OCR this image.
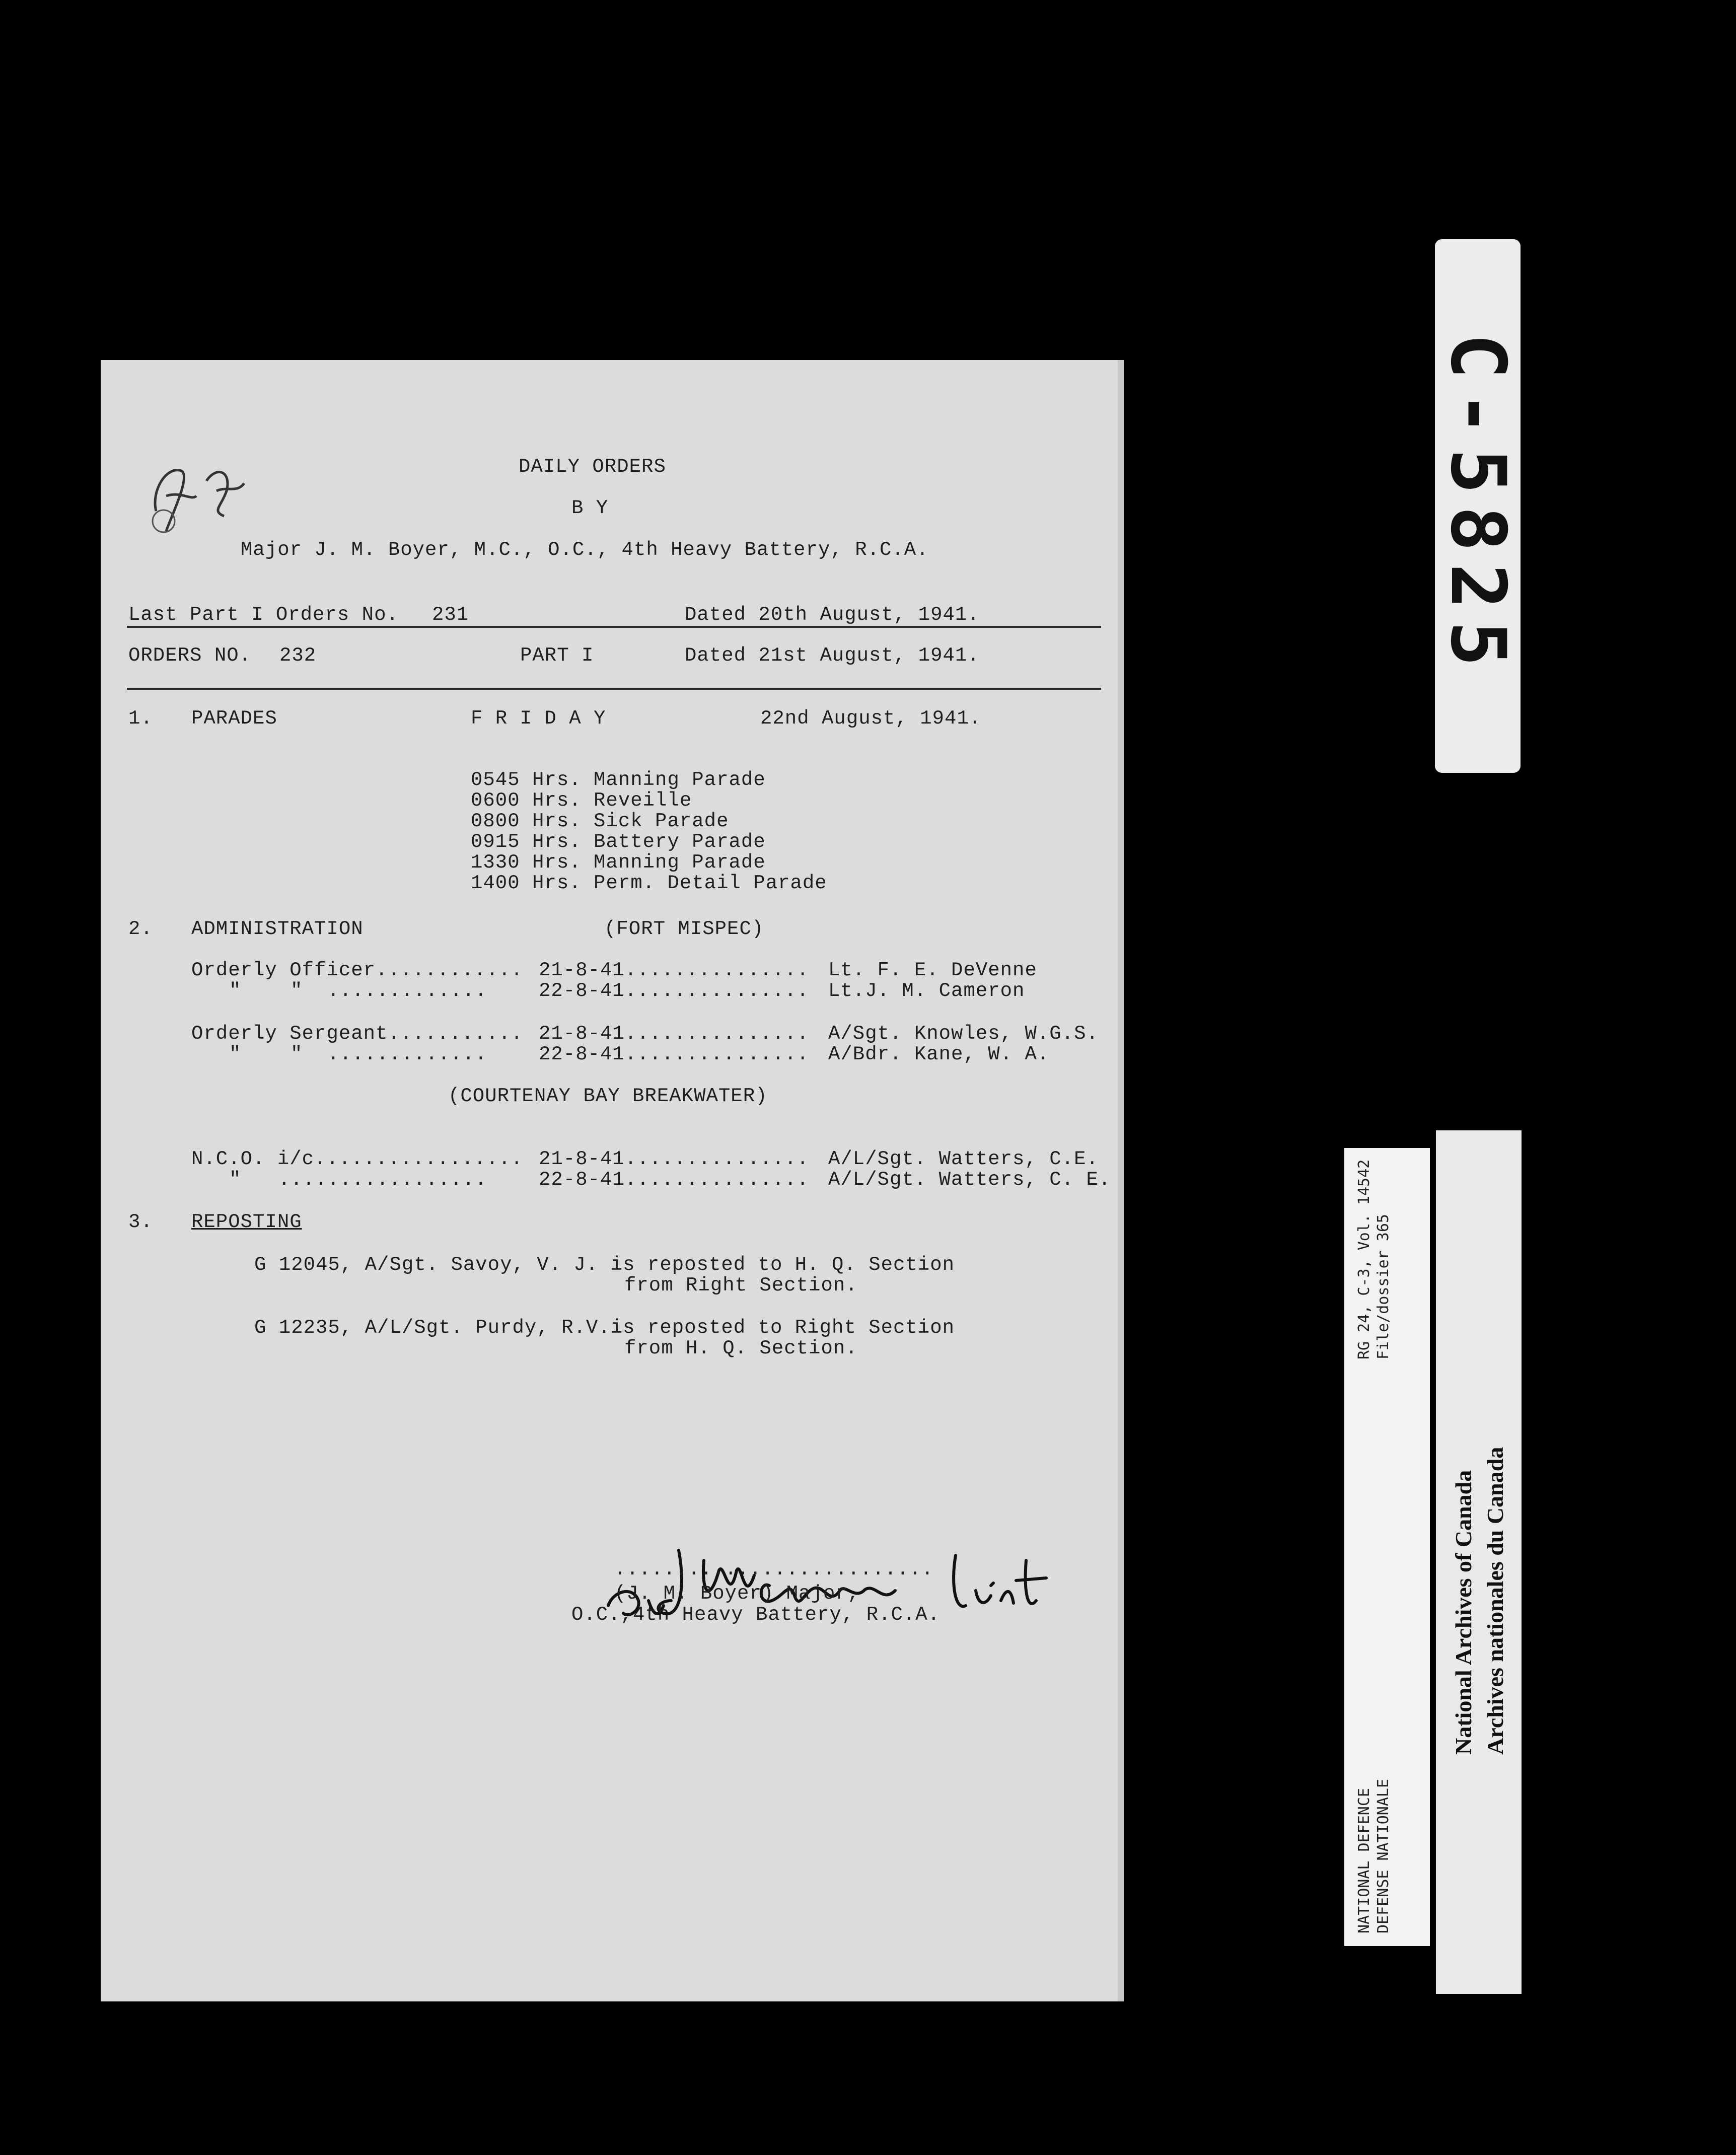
DAILY ORDERS
B Y
Major J. M. Boyer, M.C., O.C., 4th Heavy Battery, R.C.A.
Last Part I Orders No. 231	Dated 20th August, 1941.
ORDERS NO. 232	PART I	Dated 21st August, 1941.
1. PARADES	F R I D A Y	22nd August, 1941.
0545 Hrs. Manning Parade
0600 Hrs. Reveille
0800 Hrs. Sick Parade
0915 Hrs. Battery Parade
1330 Hrs. Manning Parade
1400 Hrs. Perm. Detail Parade
2. ADMINISTRATION	(FORT MISPEC)
Orderly Officer............ 21-8-41............... Lt. F. E. DeVenne
"    "  .............	22-8-41............... Lt.J. M. Cameron
Orderly Sergeant........... 21-8-41............... A/Sgt. Knowles, W.G.S.
"    "  .............	22-8-41............... A/Bdr. Kane, W. A.
(COURTENAY BAY BREAKWATER)
N.C.O. i/c................. 21-8-41............... A/L/Sgt. Watters, C.E.
"   .................	22-8-41............... A/L/Sgt. Watters, C. E.
3. REPOSTING
G 12045, A/Sgt. Savoy, V. J. is reposted to H. Q. Section
from Right Section.
G 12235, A/L/Sgt. Purdy, R.V.is reposted to Right Section
from H. Q. Section.

..........................
(J. M. Boyer) Major,
O.C.,4th Heavy Battery, R.C.A.
C-5825
NATIONAL DEFENCE DEFENSE NATIONALE
RG 24, C-3, Vol. 14542 File/dossier 365
National Archives of Canada Archives nationales du Canada
